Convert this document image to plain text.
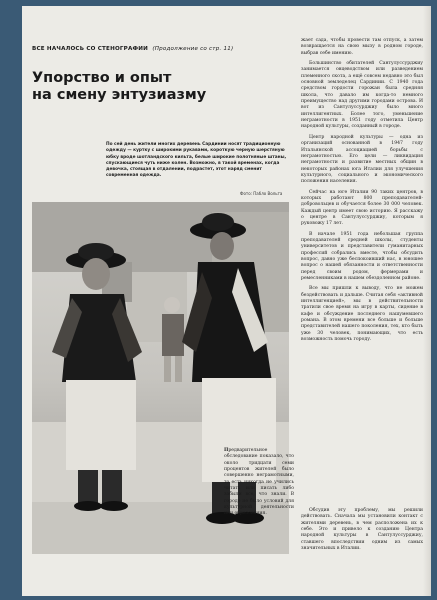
ВСЕ НАЧАЛОСЬ СО СТЕНОГРАФИИ (Продолжение со стр. 11)
Упорство и опыт
на смену энтузиазму
По сей день жители многих деревень Сардинии носят традиционную одежду — куртку с широкими рукавами, короткую черную шерстяную юбку вроде шотландского кильта, белые широкие полотняные штаны, спускающиеся чуть ниже колен. Возможно, в такой временах, когда девочка, стоящая в отдалении, подрастет, этот наряд сменит современная одежда.
Фото: Пабло Вольта

жает сада, чтобы провести там отпуск, а затем возвращается на свою мызу в родном городе, выбрав себе имению.

Большинство обитателей Сантулуссурджиу занимается овцеводством или разведением племенного скота, а ещё совсем недавно это был основной земледелец Сардинии. С 1940 года средством гордости горожан была средняя школа, что давало им когда-то немного преимущество над другими городами острова. И вот из Сантулуссурджиу было много интеллигентных. Более того, уменьшение неграмотности в 1951 году отметила Центр народной культуры, созданный в городе.

Центр народной культуры — одна из организаций основанной в 1947 году Итальянской ассоциацией борьбы с неграмотностью. Его цели — ликвидация неграмотности и развитие местных общин в некоторых районах юга Италии для улучшения культурного, социального и экономического положения населения.

Сейчас на юге Италии 90 таких центров, в которых работают 800 преподавателей-добровольцев и обучается более 30 000 человек. Каждый центр имеет свою историю. Я расскажу о центре в Сантулуссурджиу, которым я руковожу 17 лет.

В начале 1951 года небольшая группа преподавателей средней школы, студенты университетов и представители гуманитарных профессий собрались вместе, чтобы обсудить вопрос, давно уже беспокоивший нас, в юношее вопрос о нашей обязанности и ответственности перед своим родом, фермерами и ремесленниками в нашем обездоленном районе.

Все мы пришли к выводу, что не можем бездействовать и дальше. Считая себя «активной интеллигенцией», мы в действительности тратили свое время на игру в карты, сидение в кафе и обсуждение последнего нашумевшего романа. В этом времени все больше и больше представителей нашего поколения, тех, кто быть уже 30 человек, понимающих, что есть возможность помочь городу.

Предварительное обследование показало, что около тридцати семи процентов жителей было совершенно неграмотными, то есть никогда не учились читать или писать либо забыли все, что знали. В городе не было условий для культурной деятельности или образования.

Обсудив эту проблему, мы решили действовать. Сначала мы установили контакт с жителями деревень, в чем расположена их к себе. Это и привело к созданию Центра народной культуры в Сантулуссурджиу, ставшего впоследствии одним из самых значительных в Италии.
